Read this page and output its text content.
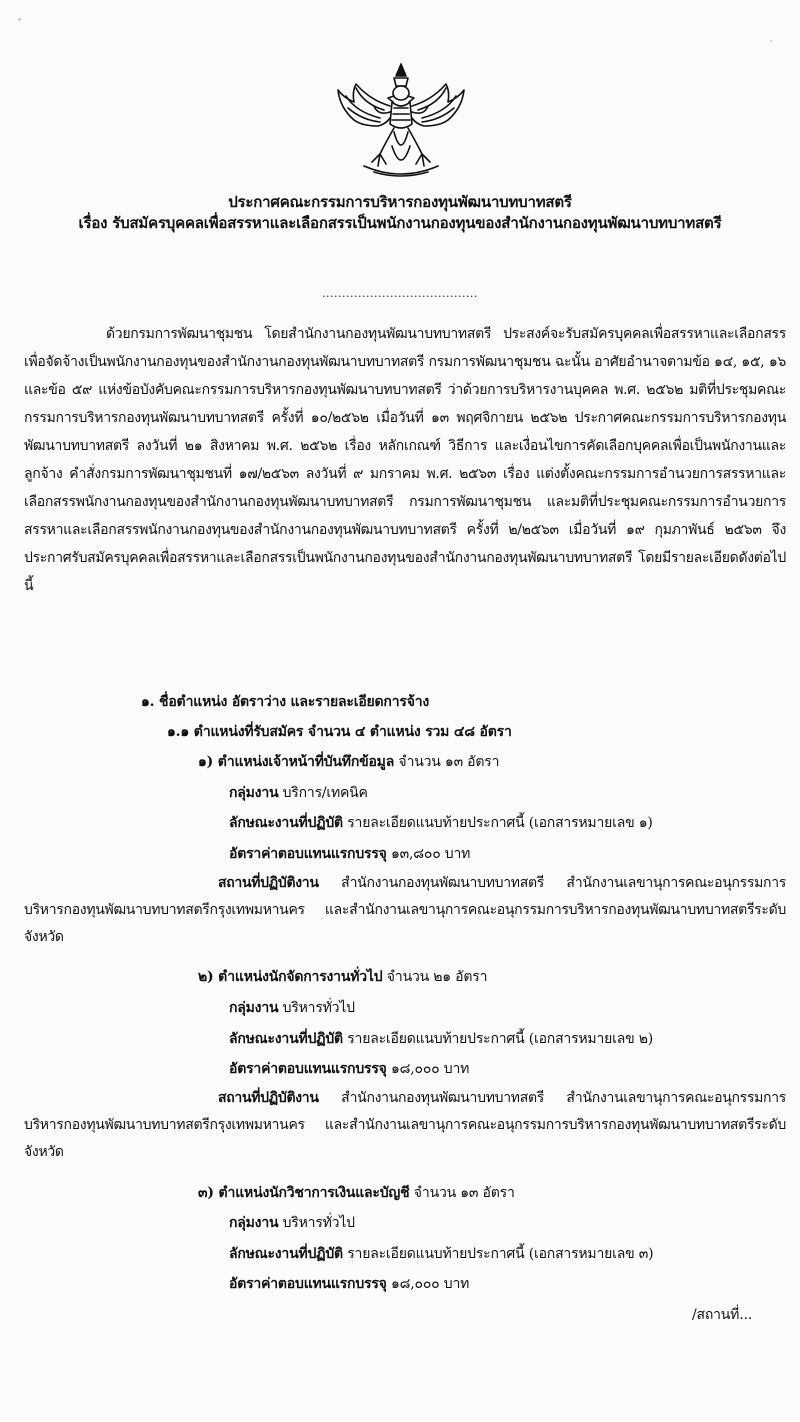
ประกาศคณะกรรมการบริหารกองทุนพัฒนาบทบาทสตรี
เรื่อง รับสมัครบุคคลเพื่อสรรหาและเลือกสรรเป็นพนักงานกองทุนของสำนักงานกองทุนพัฒนาบทบาทสตรี
.......................................

ด้วยกรมการพัฒนาชุมชน โดยสำนักงานกองทุนพัฒนาบทบาทสตรี ประสงค์จะรับสมัครบุคคลเพื่อสรรหาและเลือกสรรเพื่อจัดจ้างเป็นพนักงานกองทุนของสำนักงานกองทุนพัฒนาบทบาทสตรี กรมการพัฒนาชุมชน ฉะนั้น อาศัยอำนาจตามข้อ ๑๔, ๑๕, ๑๖ และข้อ ๕๙ แห่งข้อบังคับคณะกรรมการบริหารกองทุนพัฒนาบทบาทสตรี ว่าด้วยการบริหารงานบุคคล พ.ศ. ๒๕๖๒ มติที่ประชุมคณะกรรมการบริหารกองทุนพัฒนาบทบาทสตรี ครั้งที่ ๑๐/๒๕๖๒ เมื่อวันที่ ๑๓ พฤศจิกายน ๒๕๖๒ ประกาศคณะกรรมการบริหารกองทุนพัฒนาบทบาทสตรี ลงวันที่ ๒๑ สิงหาคม พ.ศ. ๒๕๖๒ เรื่อง หลักเกณฑ์ วิธีการ และเงื่อนไขการคัดเลือกบุคคลเพื่อเป็นพนักงานและลูกจ้าง คำสั่งกรมการพัฒนาชุมชนที่ ๑๗/๒๕๖๓ ลงวันที่ ๙ มกราคม พ.ศ. ๒๕๖๓ เรื่อง แต่งตั้งคณะกรรมการอำนวยการสรรหาและเลือกสรรพนักงานกองทุนของสำนักงานกองทุนพัฒนาบทบาทสตรี กรมการพัฒนาชุมชน และมติที่ประชุมคณะกรรมการอำนวยการสรรหาและเลือกสรรพนักงานกองทุนของสำนักงานกองทุนพัฒนาบทบาทสตรี ครั้งที่ ๒/๒๕๖๓ เมื่อวันที่ ๑๙ กุมภาพันธ์ ๒๕๖๓ จึงประกาศรับสมัครบุคคลเพื่อสรรหาและเลือกสรรเป็นพนักงานกองทุนของสำนักงานกองทุนพัฒนาบทบาทสตรี โดยมีรายละเอียดดังต่อไปนี้

๑. ชื่อตำแหน่ง อัตราว่าง และรายละเอียดการจ้าง
๑.๑ ตำแหน่งที่รับสมัคร จำนวน ๔ ตำแหน่ง รวม ๔๘ อัตรา
๑) ตำแหน่งเจ้าหน้าที่บันทึกข้อมูล จำนวน ๑๓ อัตรา
กลุ่มงาน บริการ/เทคนิค
ลักษณะงานที่ปฏิบัติ รายละเอียดแนบท้ายประกาศนี้ (เอกสารหมายเลข ๑)
อัตราค่าตอบแทนแรกบรรจุ ๑๓,๘๐๐ บาท

สถานที่ปฏิบัติงาน สำนักงานกองทุนพัฒนาบทบาทสตรี สำนักงานเลขานุการคณะอนุกรรมการบริหารกองทุนพัฒนาบทบาทสตรีกรุงเทพมหานคร และสำนักงานเลขานุการคณะอนุกรรมการบริหารกองทุนพัฒนาบทบาทสตรีระดับจังหวัด

๒) ตำแหน่งนักจัดการงานทั่วไป จำนวน ๒๑ อัตรา
กลุ่มงาน บริหารทั่วไป
ลักษณะงานที่ปฏิบัติ รายละเอียดแนบท้ายประกาศนี้ (เอกสารหมายเลข ๒)
อัตราค่าตอบแทนแรกบรรจุ ๑๘,๐๐๐ บาท

สถานที่ปฏิบัติงาน สำนักงานกองทุนพัฒนาบทบาทสตรี สำนักงานเลขานุการคณะอนุกรรมการบริหารกองทุนพัฒนาบทบาทสตรีกรุงเทพมหานคร และสำนักงานเลขานุการคณะอนุกรรมการบริหารกองทุนพัฒนาบทบาทสตรีระดับจังหวัด

๓) ตำแหน่งนักวิชาการเงินและบัญชี จำนวน ๑๓ อัตรา
กลุ่มงาน บริหารทั่วไป
ลักษณะงานที่ปฏิบัติ รายละเอียดแนบท้ายประกาศนี้ (เอกสารหมายเลข ๓)
อัตราค่าตอบแทนแรกบรรจุ ๑๘,๐๐๐ บาท
/สถานที่...
